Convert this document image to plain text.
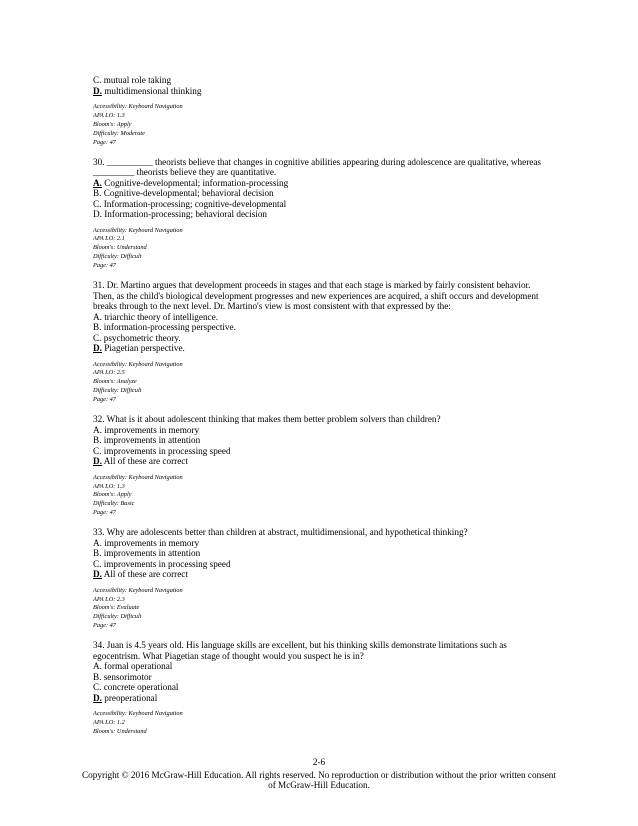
C. mutual role taking
D. multidimensional thinking
Accessibility: Keyboard Navigation
APA LO: 1.3
Bloom's: Apply
Difficulty: Moderate
Page: 47
30. __________ theorists believe that changes in cognitive abilities appearing during adolescence are qualitative, whereas _________ theorists believe they are quantitative.
A. Cognitive-developmental; information-processing
B. Cognitive-developmental; behavioral decision
C. Information-processing; cognitive-developmental
D. Information-processing; behavioral decision
Accessibility: Keyboard Navigation
APA LO: 2.1
Bloom's: Understand
Difficulty: Difficult
Page: 47
31. Dr. Martino argues that development proceeds in stages and that each stage is marked by fairly consistent behavior. Then, as the child's biological development progresses and new experiences are acquired, a shift occurs and development breaks through to the next level. Dr. Martino's view is most consistent with that expressed by the:
A. triarchic theory of intelligence.
B. information-processing perspective.
C. psychometric theory.
D. Piagetian perspective.
Accessibility: Keyboard Navigation
APA LO: 2.5
Bloom's: Analyze
Difficulty: Difficult
Page: 47
32. What is it about adolescent thinking that makes them better problem solvers than children?
A. improvements in memory
B. improvements in attention
C. improvements in processing speed
D. All of these are correct
Accessibility: Keyboard Navigation
APA LO: 1.3
Bloom's: Apply
Difficulty: Basic
Page: 47
33. Why are adolescents better than children at abstract, multidimensional, and hypothetical thinking?
A. improvements in memory
B. improvements in attention
C. improvements in processing speed
D. All of these are correct
Accessibility: Keyboard Navigation
APA LO: 2.3
Bloom's: Evaluate
Difficulty: Difficult
Page: 47
34. Juan is 4.5 years old. His language skills are excellent, but his thinking skills demonstrate limitations such as egocentrism. What Piagetian stage of thought would you suspect he is in?
A. formal operational
B. sensorimotor
C. concrete operational
D. preoperational
Accessibility: Keyboard Navigation
APA LO: 1.2
Bloom's: Understand
2-6
Copyright © 2016 McGraw-Hill Education. All rights reserved. No reproduction or distribution without the prior written consent of McGraw-Hill Education.
